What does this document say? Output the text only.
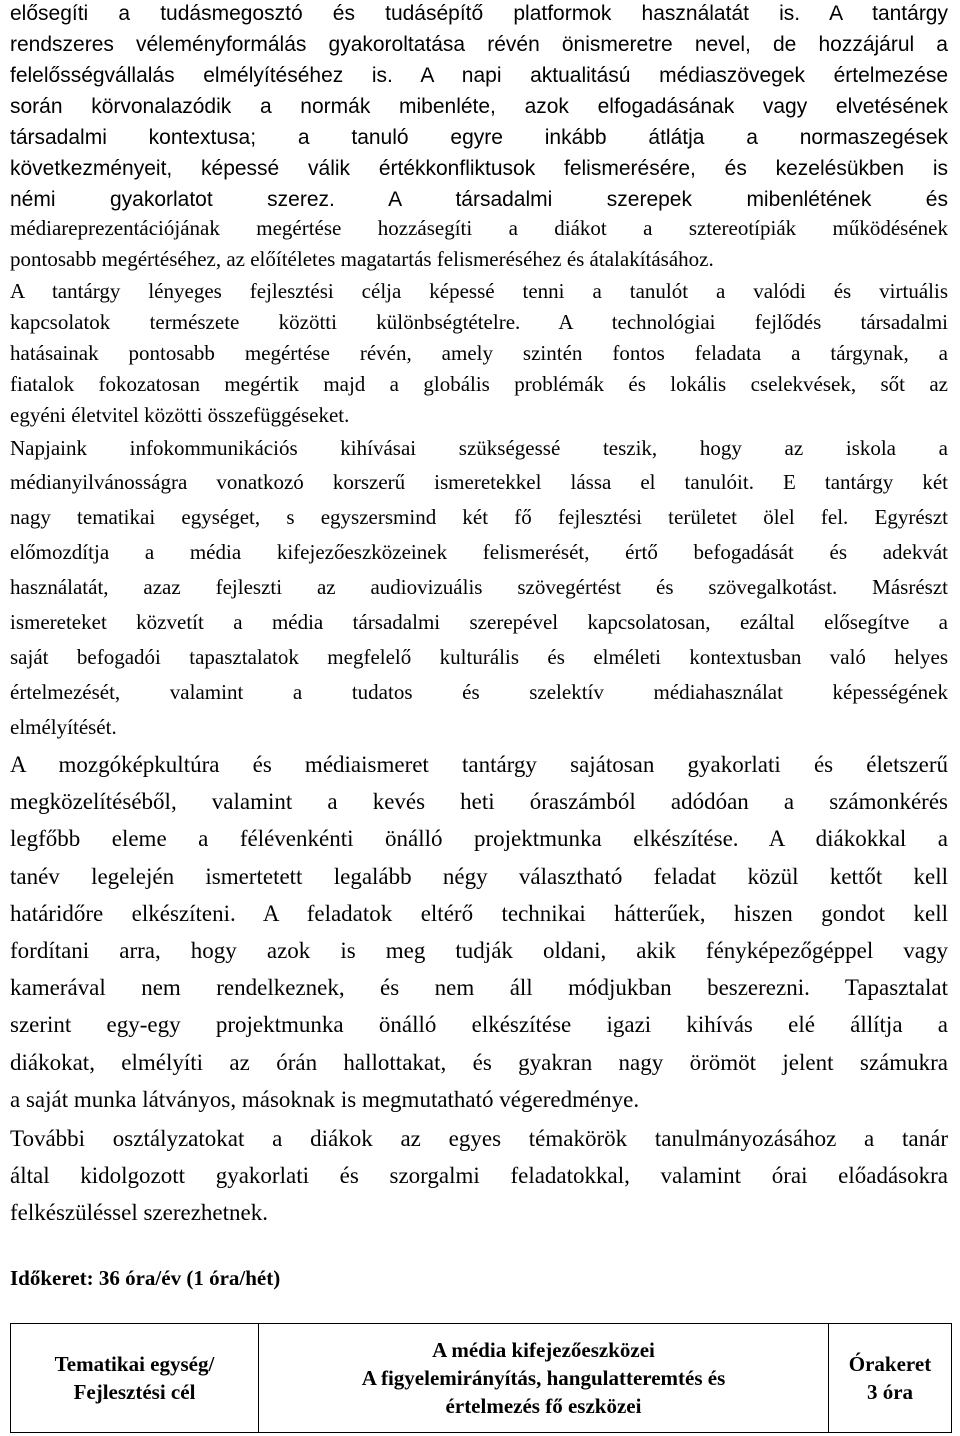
elősegíti a tudásmegosztó és tudásépítő platformok használatát is. A tantárgy
rendszeres véleményformálás gyakoroltatása révén önismeretre nevel, de hozzájárul a
felelősségvállalás elmélyítéséhez is. A napi aktualitású médiaszövegek értelmezése
során körvonalazódik a normák mibenléte, azok elfogadásának vagy elvetésének
társadalmi kontextusa; a tanuló egyre inkább átlátja a normaszegések
következményeit, képessé válik értékkonfliktusok felismerésére, és kezelésükben is
némi gyakorlatot szerez. A társadalmi szerepek mibenlétének és
médiareprezentációjának megértése hozzásegíti a diákot a sztereotípiák működésének
pontosabb megértéséhez, az előítéletes magatartás felismeréséhez és átalakításához.
A tantárgy lényeges fejlesztési célja képessé tenni a tanulót a valódi és virtuális
kapcsolatok természete közötti különbségtételre. A technológiai fejlődés társadalmi
hatásainak pontosabb megértése révén, amely szintén fontos feladata a tárgynak, a
fiatalok fokozatosan megértik majd a globális problémák és lokális cselekvések, sőt az
egyéni életvitel közötti összefüggéseket.
Napjaink infokommunikációs kihívásai szükségessé teszik, hogy az iskola a
médianyilvánosságra vonatkozó korszerű ismeretekkel lássa el tanulóit. E tantárgy két
nagy tematikai egységet, s egyszersmind két fő fejlesztési területet ölel fel. Egyrészt
előmozdítja a média kifejezőeszközeinek felismerését, értő befogadását és adekvát
használatát, azaz fejleszti az audiovizuális szövegértést és szövegalkotást. Másrészt
ismereteket közvetít a média társadalmi szerepével kapcsolatosan, ezáltal elősegítve a
saját befogadói tapasztalatok megfelelő kulturális és elméleti kontextusban való helyes
értelmezését, valamint a tudatos és szelektív médiahasználat képességének
elmélyítését.
A mozgóképkultúra és médiaismeret tantárgy sajátosan gyakorlati és életszerű
megközelítéséből, valamint a kevés heti óraszámból adódóan a számonkérés
legfőbb eleme a félévenkénti önálló projektmunka elkészítése. A diákokkal a
tanév legelején ismertetett legalább négy választható feladat közül kettőt kell
határidőre elkészíteni. A feladatok eltérő technikai hátterűek, hiszen gondot kell
fordítani arra, hogy azok is meg tudják oldani, akik fényképezőgéppel vagy
kamerával nem rendelkeznek, és nem áll módjukban beszerezni. Tapasztalat
szerint egy-egy projektmunka önálló elkészítése igazi kihívás elé állítja a
diákokat, elmélyíti az órán hallottakat, és gyakran nagy örömöt jelent számukra
a saját munka látványos, másoknak is megmutatható végeredménye.
További osztályzatokat a diákok az egyes témakörök tanulmányozásához a tanár
által kidolgozott gyakorlati és szorgalmi feladatokkal, valamint órai előadásokra
felkészüléssel szerezhetnek.
Időkeret: 36 óra/év (1 óra/hét)
Tematikai egység/
Fejlesztési cél
A média kifejezőeszközei
A figyelemirányítás, hangulatteremtés és
értelmezés fő eszközei
Órakeret
3 óra
